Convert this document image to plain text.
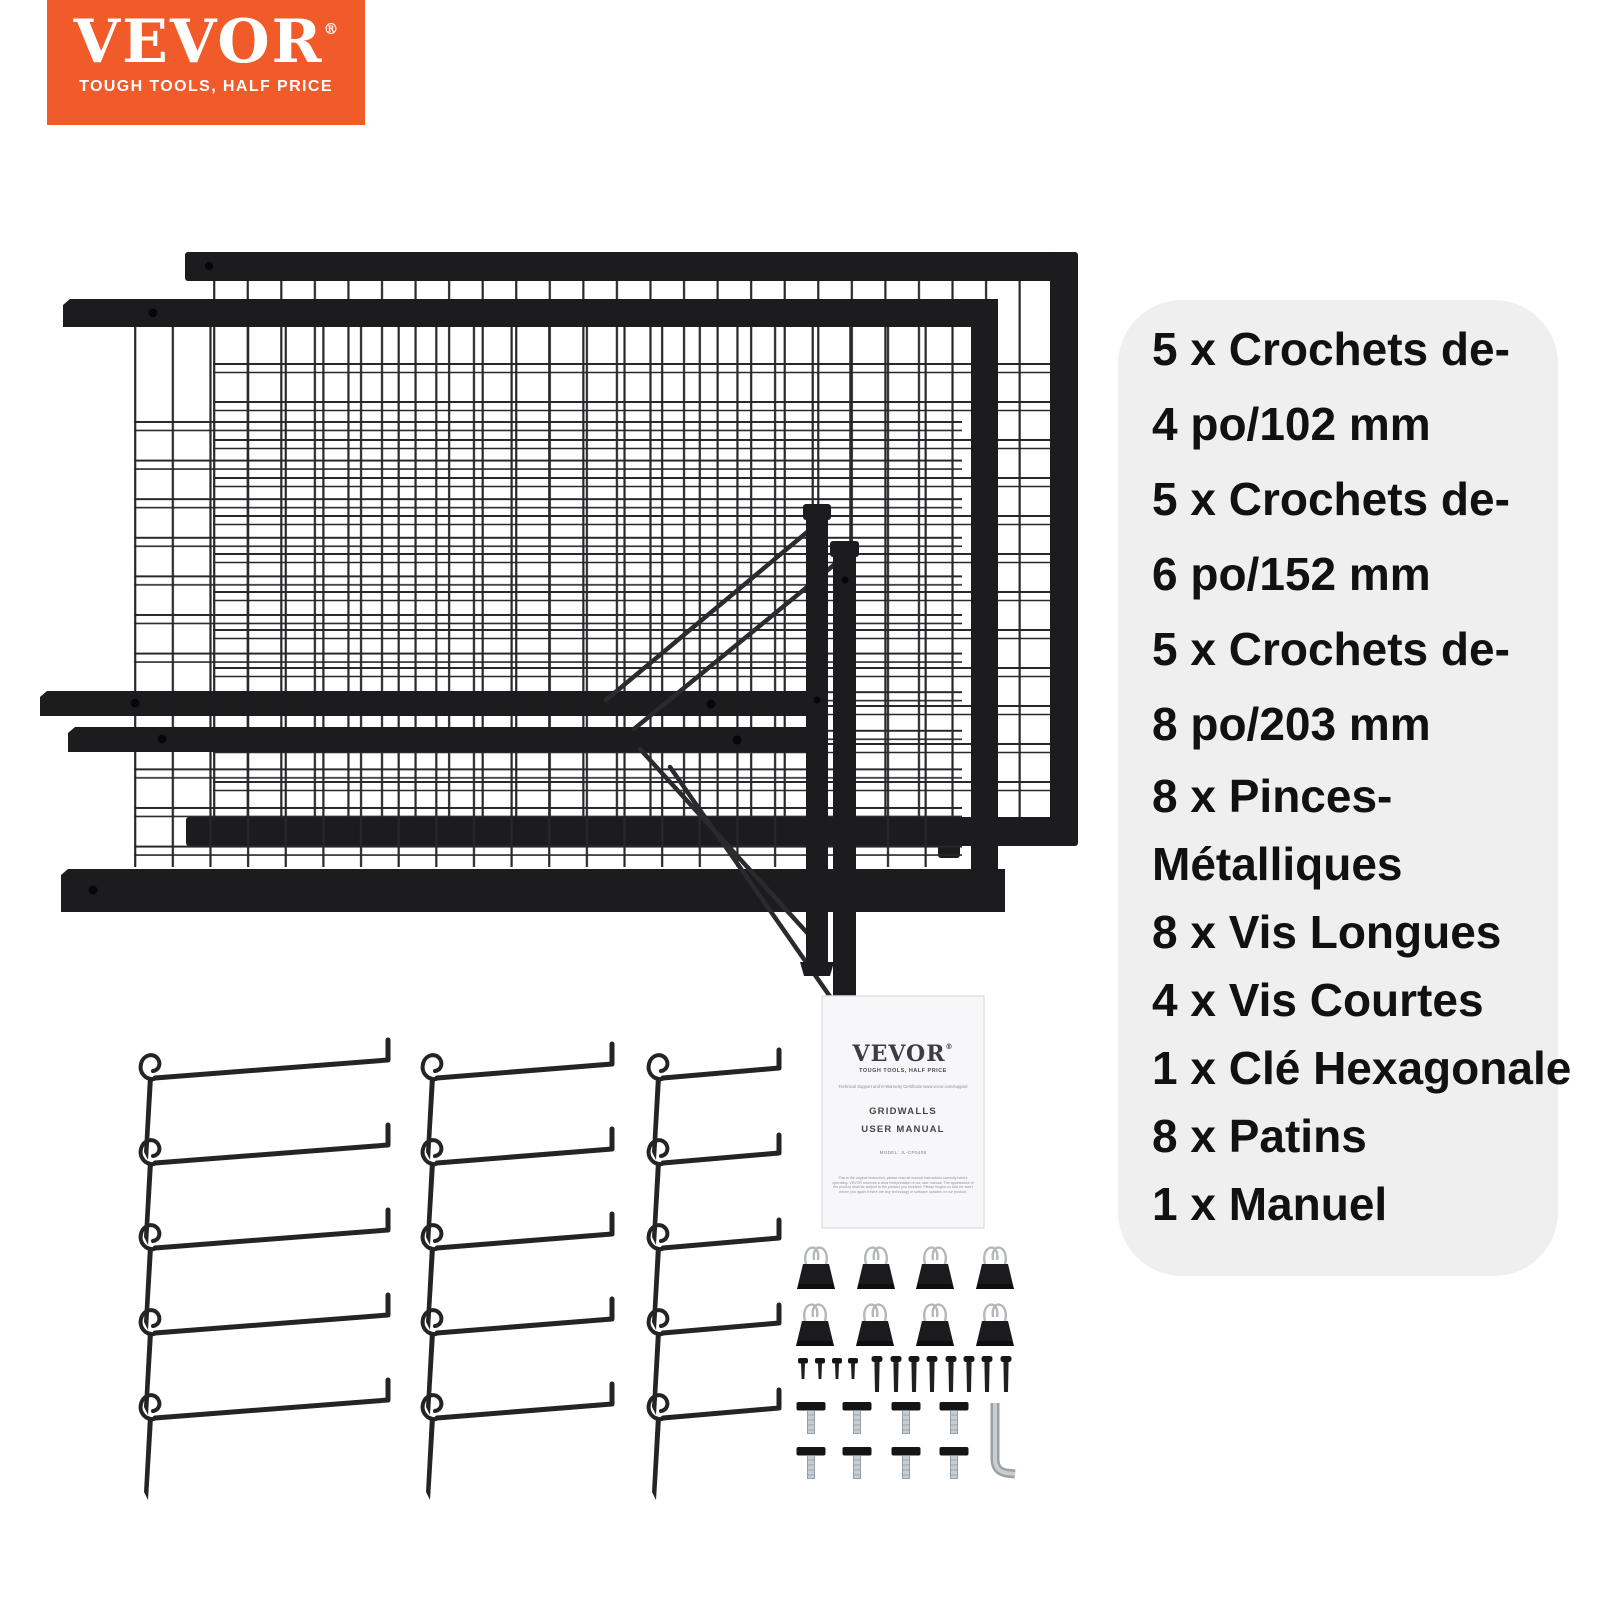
VEVOR®
TOUGH TOOLS, HALF PRICE
5 x Crochets de-
4 po/102 mm
5 x Crochets de-
6 po/152 mm
5 x Crochets de-
8 po/203 mm
8 x Pinces-
Métalliques
8 x Vis Longues
4 x Vis Courtes
1 x Clé Hexagonale
8 x Patins
1 x Manuel
VEVOR®
TOUGH TOOLS, HALF PRICE
Technical Support and E-Warranty Certificate www.vevor.com/support
GRIDWALLS
USER MANUAL
MODEL: JL-CP0408
This is the original instruction, please read all manual instructions carefully before operating. VEVOR reserves a clear interpretation of our user manual. The appearance of the product shall be subject to the product you received. Please forgive us that we won't inform you again if there are any technology or software updates on our product.
